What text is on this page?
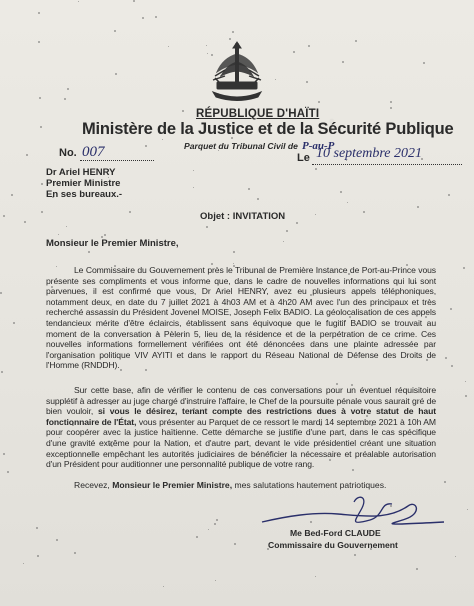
RÉPUBLIQUE D'HAÏTI
Ministère de la Justice et de la Sécurité Publique
Parquet du Tribunal Civil de P-au-P
No. 007	Le 10 septembre 2021
Dr Ariel HENRY
Premier Ministre
En ses bureaux.-
Objet : INVITATION
Monsieur le Premier Ministre,
Le Commissaire du Gouvernement près le Tribunal de Première Instance de Port-au-Prince vous présente ses compliments et vous informe que, dans le cadre de nouvelles informations qui lui sont parvenues, il est confirmé que vous, Dr Ariel HENRY, avez eu plusieurs appels téléphoniques, notamment deux, en date du 7 juillet 2021 à 4h03 AM et à 4h20 AM avec l'un des principaux et très recherché assassin du Président Jovenel MOISE, Joseph Felix BADIO. La géolocalisation de ces appels tendancieux mérite d'être éclaircis, établissent sans équivoque que le fugitif BADIO se trouvait au moment de la conversation à Pèlerin 5, lieu de la résidence et de la perpétration de ce crime. Ces nouvelles informations formellement vérifiées ont été dénoncées dans une plainte adressée par l'organisation politique VIV AYITI et dans le rapport du Réseau National de Défense des Droits de l'Homme (RNDDH).
Sur cette base, afin de vérifier le contenu de ces conversations pour un éventuel réquisitoire supplétif à adresser au juge chargé d'instruire l'affaire, le Chef de la poursuite pénale vous saurait gré de bien vouloir, si vous le désirez, tenant compte des restrictions dues à votre statut de haut fonctionnaire de l'État, vous présenter au Parquet de ce ressort le mardi 14 septembre 2021 à 10h AM pour coopérer avec la justice haïtienne. Cette démarche se justifie d'une part, dans le cas spécifique d'une gravité extrême pour la Nation, et d'autre part, devant le vide présidentiel créant une situation exceptionnelle empêchant les autorités judiciaires de bénéficier la nécessaire et préalable autorisation d'un Président pour auditionner une personnalité publique de votre rang.
Recevez, Monsieur le Premier Ministre, mes salutations hautement patriotiques.
Me Bed-Ford CLAUDE
Commissaire du Gouvernement
